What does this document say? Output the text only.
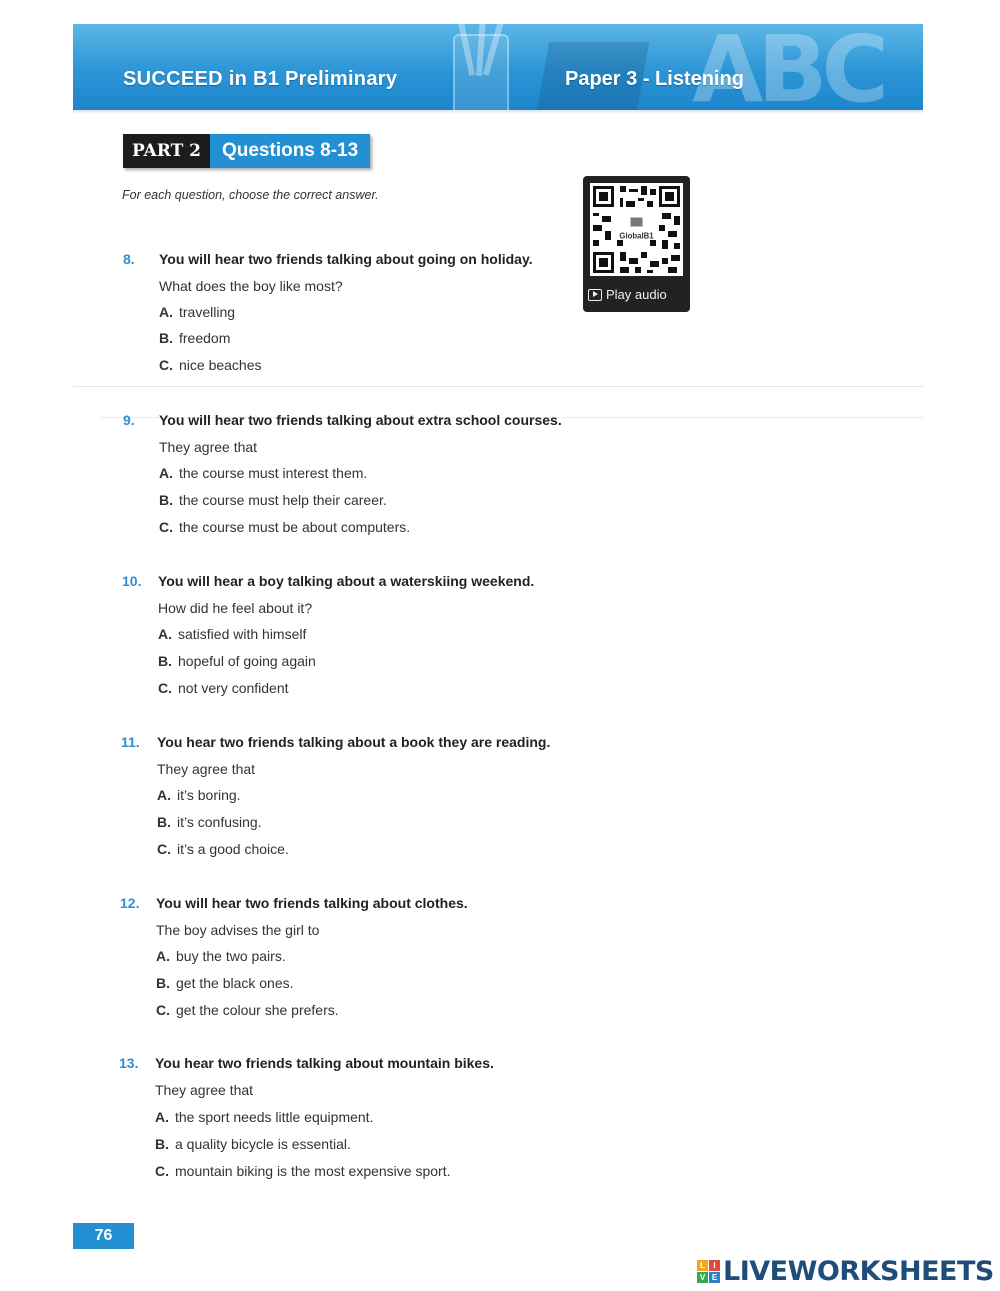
ABC
SUCCEED in B1 Preliminary	Paper 3 - Listening
PART 2	Questions 8-13
For each question, choose the correct answer.
GlobalB1
Play audio
8. You will hear two friends talking about going on holiday.
What does the boy like most?
A. travelling
B. freedom
C. nice beaches
9. You will hear two friends talking about extra school courses.
They agree that
A. the course must interest them.
B. the course must help their career.
C. the course must be about computers.
10. You will hear a boy talking about a waterskiing weekend.
How did he feel about it?
A. satisfied with himself
B. hopeful of going again
C. not very confident
11. You hear two friends talking about a book they are reading.
They agree that
A. it’s boring.
B. it’s confusing.
C. it’s a good choice.
12. You will hear two friends talking about clothes.
The boy advises the girl to
A. buy the two pairs.
B. get the black ones.
C. get the colour she prefers.
13. You hear two friends talking about mountain bikes.
They agree that
A. the sport needs little equipment.
B. a quality bicycle is essential.
C. mountain biking is the most expensive sport.
76
L	I
V E LIVEWORKSHEETS
